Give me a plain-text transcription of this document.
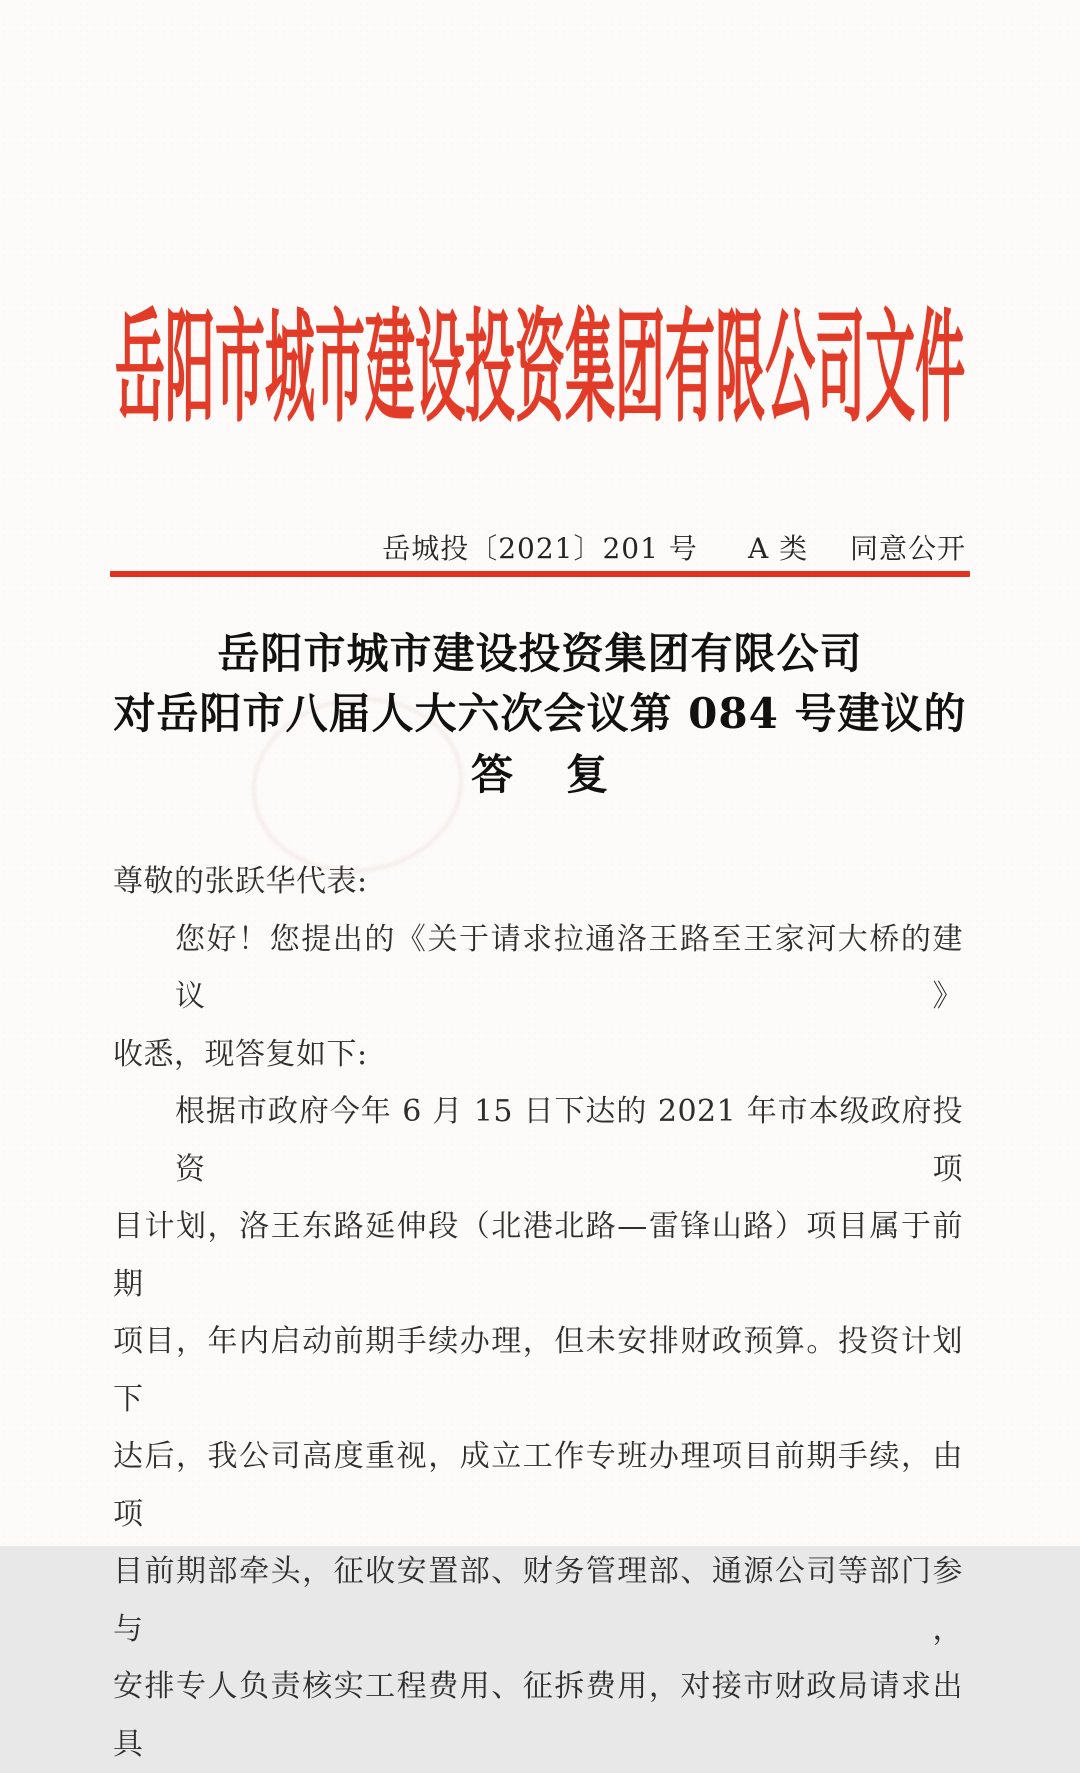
岳阳市城市建设投资集团有限公司文件
岳城投〔2021〕201 号 A 类 同意公开
岳阳市城市建设投资集团有限公司
对岳阳市八届人大六次会议第 084 号建议的
答 复
尊敬的张跃华代表:
您好！您提出的《关于请求拉通洛王路至王家河大桥的建议》
收悉，现答复如下:
根据市政府今年 6 月 15 日下达的 2021 年市本级政府投资项
目计划，洛王东路延伸段（北港北路—雷锋山路）项目属于前期
项目，年内启动前期手续办理，但未安排财政预算。投资计划下
达后，我公司高度重视，成立工作专班办理项目前期手续，由项
目前期部牵头，征收安置部、财务管理部、通源公司等部门参与，
安排专人负责核实工程费用、征拆费用，对接市财政局请求出具
